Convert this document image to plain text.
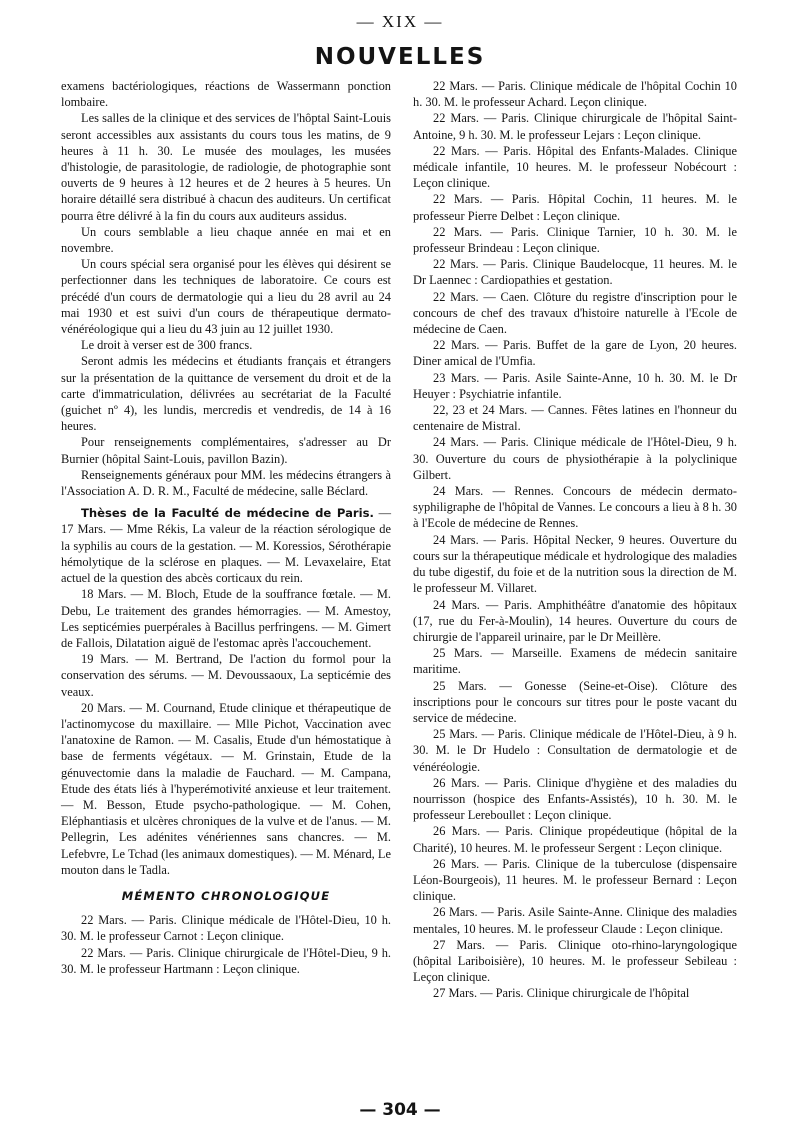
— XIX —
NOUVELLES

examens bactériologiques, réactions de Wassermann ponction lombaire.

Les salles de la clinique et des services de l'hôptal Saint-Louis seront accessibles aux assistants du cours tous les matins, de 9 heures à 11 h. 30. Le musée des moulages, les musées d'histologie, de parasitologie, de radiologie, de photographie sont ouverts de 9 heures à 12 heures et de 2 heures à 5 heures. Un horaire détaillé sera distribué à chacun des auditeurs. Un certificat pourra être délivré à la fin du cours aux auditeurs assidus.

Un cours semblable a lieu chaque année en mai et en novembre.

Un cours spécial sera organisé pour les élèves qui désirent se perfectionner dans les techniques de laboratoire. Ce cours est précédé d'un cours de dermatologie qui a lieu du 28 avril au 24 mai 1930 et est suivi d'un cours de thérapeutique dermato-vénéréologique qui a lieu du 43 juin au 12 juillet 1930.

Le droit à verser est de 300 francs.

Seront admis les médecins et étudiants français et étrangers sur la présentation de la quittance de versement du droit et de la carte d'immatriculation, délivrées au secrétariat de la Faculté (guichet nº 4), les lundis, mercredis et vendredis, de 14 à 16 heures.

Pour renseignements complémentaires, s'adresser au Dr Burnier (hôpital Saint-Louis, pavillon Bazin).

Renseignements généraux pour MM. les médecins étrangers à l'Association A. D. R. M., Faculté de médecine, salle Béclard.

Thèses de la Faculté de médecine de Paris. — 17 Mars. — Mme Rékis, La valeur de la réaction sérologique de la syphilis au cours de la gestation. — M. Koressios, Sérothérapie hémolytique de la sclérose en plaques. — M. Levaxelaire, Etat actuel de la question des abcès corticaux du rein.

18 Mars. — M. Bloch, Etude de la souffrance fœtale. — M. Debu, Le traitement des grandes hémorragies. — M. Amestoy, Les septicémies puerpérales à Bacillus perfringens. — M. Gimert de Fallois, Dilatation aiguë de l'estomac après l'accouchement.

19 Mars. — M. Bertrand, De l'action du formol pour la conservation des sérums. — M. Devoussaoux, La septicémie des veaux.

20 Mars. — M. Cournand, Etude clinique et thérapeutique de l'actinomycose du maxillaire. — Mlle Pichot, Vaccination avec l'anatoxine de Ramon. — M. Casalis, Etude d'un hémostatique à base de ferments végétaux. — M. Grinstain, Etude de la génuvectomie dans la maladie de Fauchard. — M. Campana, Etude des états liés à l'hyperémotivité anxieuse et leur traitement. — M. Besson, Etude psycho-pathologique. — M. Cohen, Eléphantiasis et ulcères chroniques de la vulve et de l'anus. — M. Pellegrin, Les adénites vénériennes sans chancres. — M. Lefebvre, Le Tchad (les animaux domestiques). — M. Ménard, Le mouton dans le Tadla.

MÉMENTO CHRONOLOGIQUE

22 Mars. — Paris. Clinique médicale de l'Hôtel-Dieu, 10 h. 30. M. le professeur Carnot : Leçon clinique.

22 Mars. — Paris. Clinique chirurgicale de l'Hôtel-Dieu, 9 h. 30. M. le professeur Hartmann : Leçon clinique.

22 Mars. — Paris. Clinique médicale de l'hôpital Cochin 10 h. 30. M. le professeur Achard. Leçon clinique.

22 Mars. — Paris. Clinique chirurgicale de l'hôpital Saint-Antoine, 9 h. 30. M. le professeur Lejars : Leçon clinique.

22 Mars. — Paris. Hôpital des Enfants-Malades. Clinique médicale infantile, 10 heures. M. le professeur Nobécourt : Leçon clinique.

22 Mars. — Paris. Hôpital Cochin, 11 heures. M. le professeur Pierre Delbet : Leçon clinique.

22 Mars. — Paris. Clinique Tarnier, 10 h. 30. M. le professeur Brindeau : Leçon clinique.

22 Mars. — Paris. Clinique Baudelocque, 11 heures. M. le Dr Laennec : Cardiopathies et gestation.

22 Mars. — Caen. Clôture du registre d'inscription pour le concours de chef des travaux d'histoire naturelle à l'Ecole de médecine de Caen.

22 Mars. — Paris. Buffet de la gare de Lyon, 20 heures. Diner amical de l'Umfia.

23 Mars. — Paris. Asile Sainte-Anne, 10 h. 30. M. le Dr Heuyer : Psychiatrie infantile.

22, 23 et 24 Mars. — Cannes. Fêtes latines en l'honneur du centenaire de Mistral.

24 Mars. — Paris. Clinique médicale de l'Hôtel-Dieu, 9 h. 30. Ouverture du cours de physiothérapie à la polyclinique Gilbert.

24 Mars. — Rennes. Concours de médecin dermato-syphiligraphe de l'hôpital de Vannes. Le concours a lieu à 8 h. 30 à l'Ecole de médecine de Rennes.

24 Mars. — Paris. Hôpital Necker, 9 heures. Ouverture du cours sur la thérapeutique médicale et hydrologique des maladies du tube digestif, du foie et de la nutrition sous la direction de M. le professeur M. Villaret.

24 Mars. — Paris. Amphithéâtre d'anatomie des hôpitaux (17, rue du Fer-à-Moulin), 14 heures. Ouverture du cours de chirurgie de l'appareil urinaire, par le Dr Meillère.

25 Mars. — Marseille. Examens de médecin sanitaire maritime.

25 Mars. — Gonesse (Seine-et-Oise). Clôture des inscriptions pour le concours sur titres pour le poste vacant du service de médecine.

25 Mars. — Paris. Clinique médicale de l'Hôtel-Dieu, à 9 h. 30. M. le Dr Hudelo : Consultation de dermatologie et de vénéréologie.

26 Mars. — Paris. Clinique d'hygiène et des maladies du nourrisson (hospice des Enfants-Assistés), 10 h. 30. M. le professeur Lereboullet : Leçon clinique.

26 Mars. — Paris. Clinique propédeutique (hôpital de la Charité), 10 heures. M. le professeur Sergent : Leçon clinique.

26 Mars. — Paris. Clinique de la tuberculose (dispensaire Léon-Bourgeois), 11 heures. M. le professeur Bernard : Leçon clinique.

26 Mars. — Paris. Asile Sainte-Anne. Clinique des maladies mentales, 10 heures. M. le professeur Claude : Leçon clinique.

27 Mars. — Paris. Clinique oto-rhino-laryngologique (hôpital Lariboisière), 10 heures. M. le professeur Sebileau : Leçon clinique.

27 Mars. — Paris. Clinique chirurgicale de l'hôpital

— 304 —
